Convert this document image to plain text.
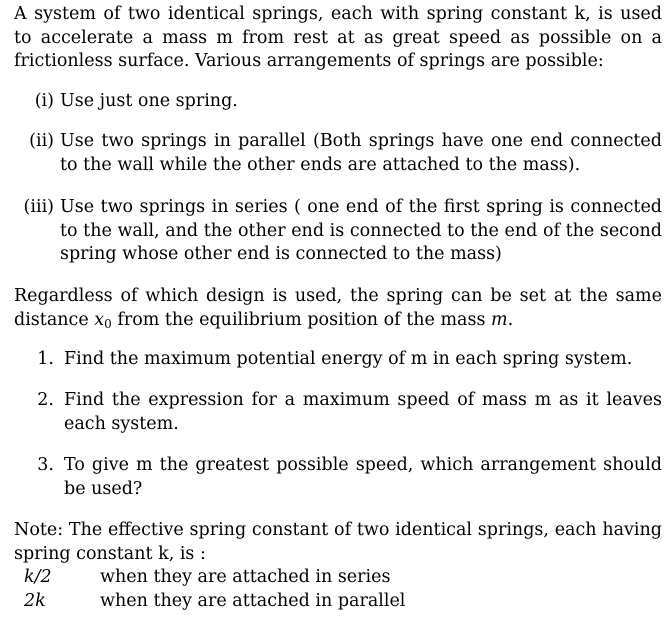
A system of two identical springs, each with spring constant k, is used to accelerate a mass m from rest at as great speed as possible on a frictionless surface. Various arrangements of springs are possible:

(i) Use just one spring.
(ii) Use two springs in parallel (Both springs have one end connected to the wall while the other ends are attached to the mass).
(iii) Use two springs in series ( one end of the first spring is connected to the wall, and the other end is connected to the end of the second spring whose other end is connected to the mass)

Regardless of which design is used, the spring can be set at the same distance $x_0$ from the equilibrium position of the mass m.

1. Find the maximum potential energy of m in each spring system.
2. Find the expression for a maximum speed of mass m as it leaves each system.
3. To give m the greatest possible speed, which arrangement should be used?

Note: The effective spring constant of two identical springs, each having spring constant k, is :

k/2	when they are attached in series
2k	when they are attached in parallel
